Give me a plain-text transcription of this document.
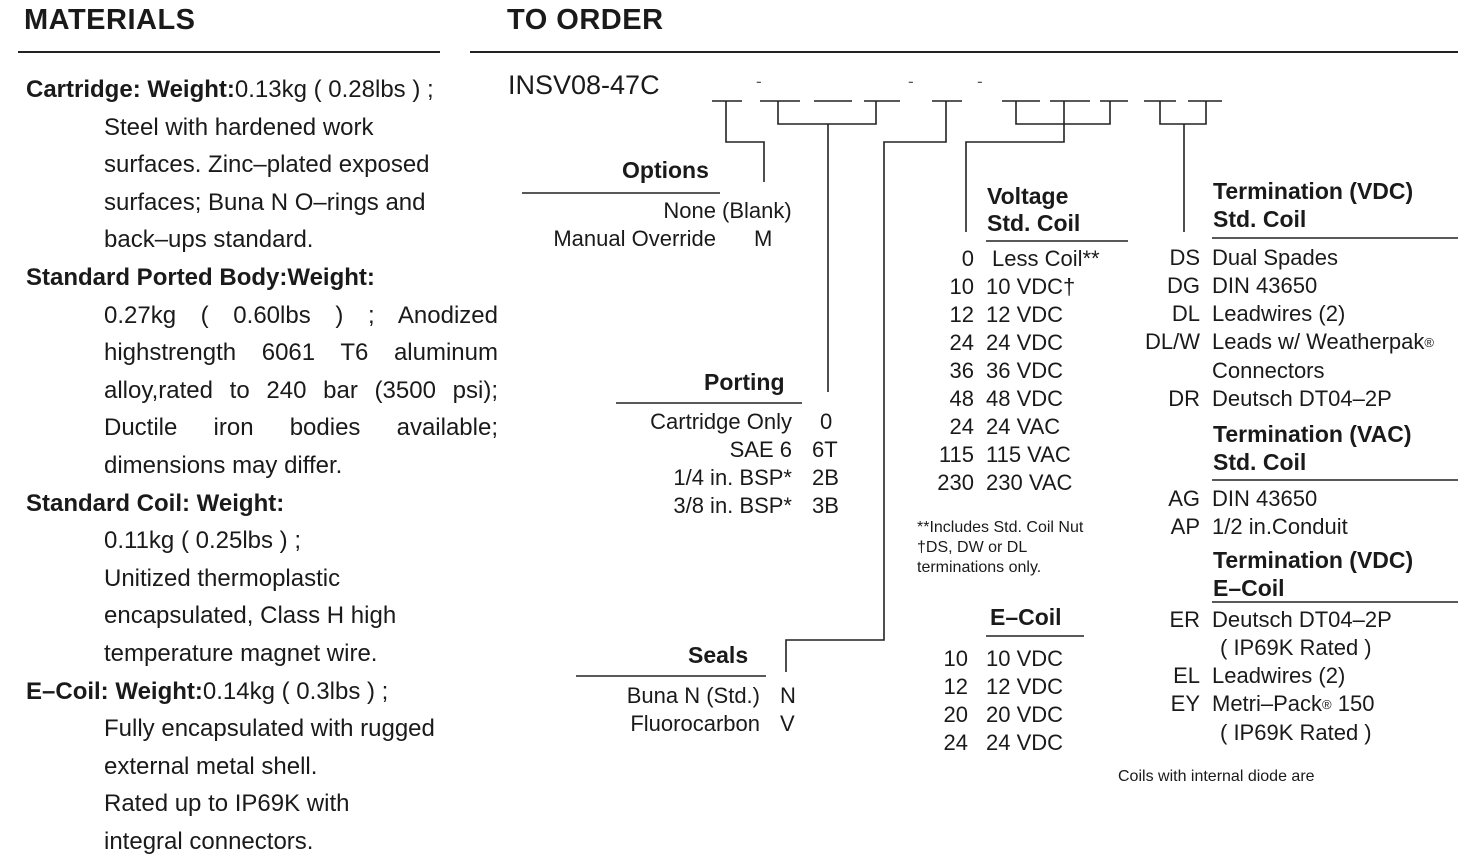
MATERIALS	TO ORDER
Cartridge: Weight:0.13kg ( 0.28lbs ) ;
Steel with hardened work
surfaces. Zinc–plated exposed
surfaces; Buna N O–rings and
back–ups standard.
Standard Ported Body:Weight:
0.27kg ( 0.60lbs ) ; Anodized
highstrength 6061 T6 aluminum
alloy,rated to 240 bar (3500 psi);
Ductile iron bodies available;
dimensions may differ.
Standard Coil: Weight:
0.11kg ( 0.25lbs ) ;
Unitized thermoplastic
encapsulated, Class H high
temperature magnet wire.
E–Coil: Weight:0.14kg ( 0.3lbs ) ;
Fully encapsulated with rugged
external metal shell.
Rated up to IP69K with
integral connectors.
INSV08-47C	-	-	-
Options
None (Blank)
Manual Override M
Porting
Cartridge Only 0
SAE 6 6T
1/4 in. BSP* 2B
3/8 in. BSP* 3B
Seals
Buna N (Std.) N
Fluorocarbon V
Voltage
Std. Coil
0 Less Coil**
10 10 VDC†
12 12 VDC
24 24 VDC
36 36 VDC
48 48 VDC
24 24 VAC
115 115 VAC
230 230 VAC
**Includes Std. Coil Nut
†DS, DW or DL
terminations only.
E–Coil
10 10 VDC
12 12 VDC
20 20 VDC
24 24 VDC
Termination (VDC)
Std. Coil
DS Dual Spades
DG DIN 43650
DL Leadwires (2)
DL/W Leads w/ Weatherpak®
Connectors
DR Deutsch DT04–2P
Termination (VAC)
Std. Coil
AG DIN 43650
AP 1/2 in.Conduit
Termination (VDC)
E–Coil
ER Deutsch DT04–2P
( IP69K Rated )
EL Leadwires (2)
EY Metri–Pack® 150
( IP69K Rated )
Coils with internal diode are
